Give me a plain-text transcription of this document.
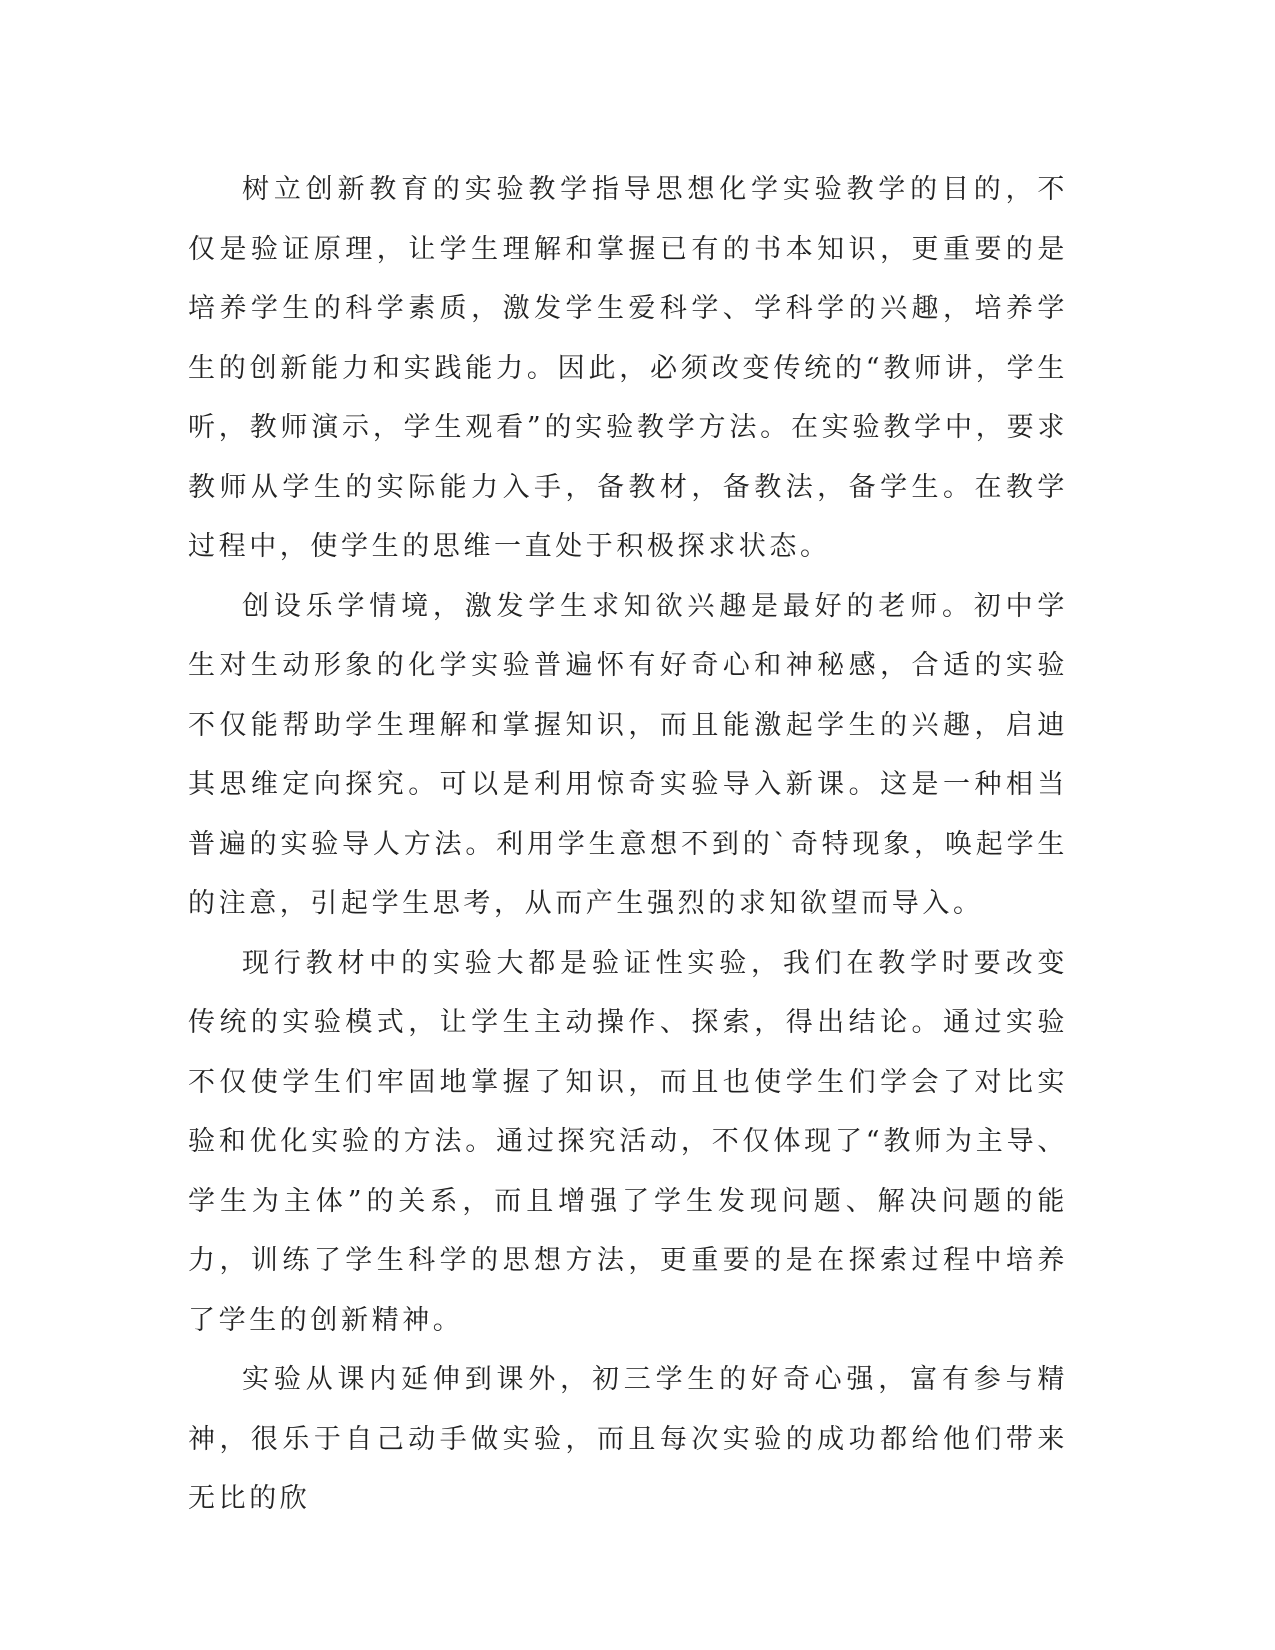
树立创新教育的实验教学指导思想化学实验教学的目的，不仅是验证原理，让学生理解和掌握已有的书本知识，更重要的是培养学生的科学素质，激发学生爱科学、学科学的兴趣，培养学生的创新能力和实践能力。因此，必须改变传统的“教师讲，学生听，教师演示，学生观看”的实验教学方法。在实验教学中，要求教师从学生的实际能力入手，备教材，备教法，备学生。在教学过程中，使学生的思维一直处于积极探求状态。

创设乐学情境，激发学生求知欲兴趣是最好的老师。初中学生对生动形象的化学实验普遍怀有好奇心和神秘感，合适的实验不仅能帮助学生理解和掌握知识，而且能激起学生的兴趣，启迪其思维定向探究。可以是利用惊奇实验导入新课。这是一种相当普遍的实验导人方法。利用学生意想不到的`奇特现象，唤起学生的注意，引起学生思考，从而产生强烈的求知欲望而导入。

现行教材中的实验大都是验证性实验，我们在教学时要改变传统的实验模式，让学生主动操作、探索，得出结论。通过实验不仅使学生们牢固地掌握了知识，而且也使学生们学会了对比实验和优化实验的方法。通过探究活动，不仅体现了“教师为主导、学生为主体”的关系，而且增强了学生发现问题、解决问题的能力，训练了学生科学的思想方法，更重要的是在探索过程中培养了学生的创新精神。

实验从课内延伸到课外，初三学生的好奇心强，富有参与精神，很乐于自己动手做实验，而且每次实验的成功都给他们带来无比的欣
